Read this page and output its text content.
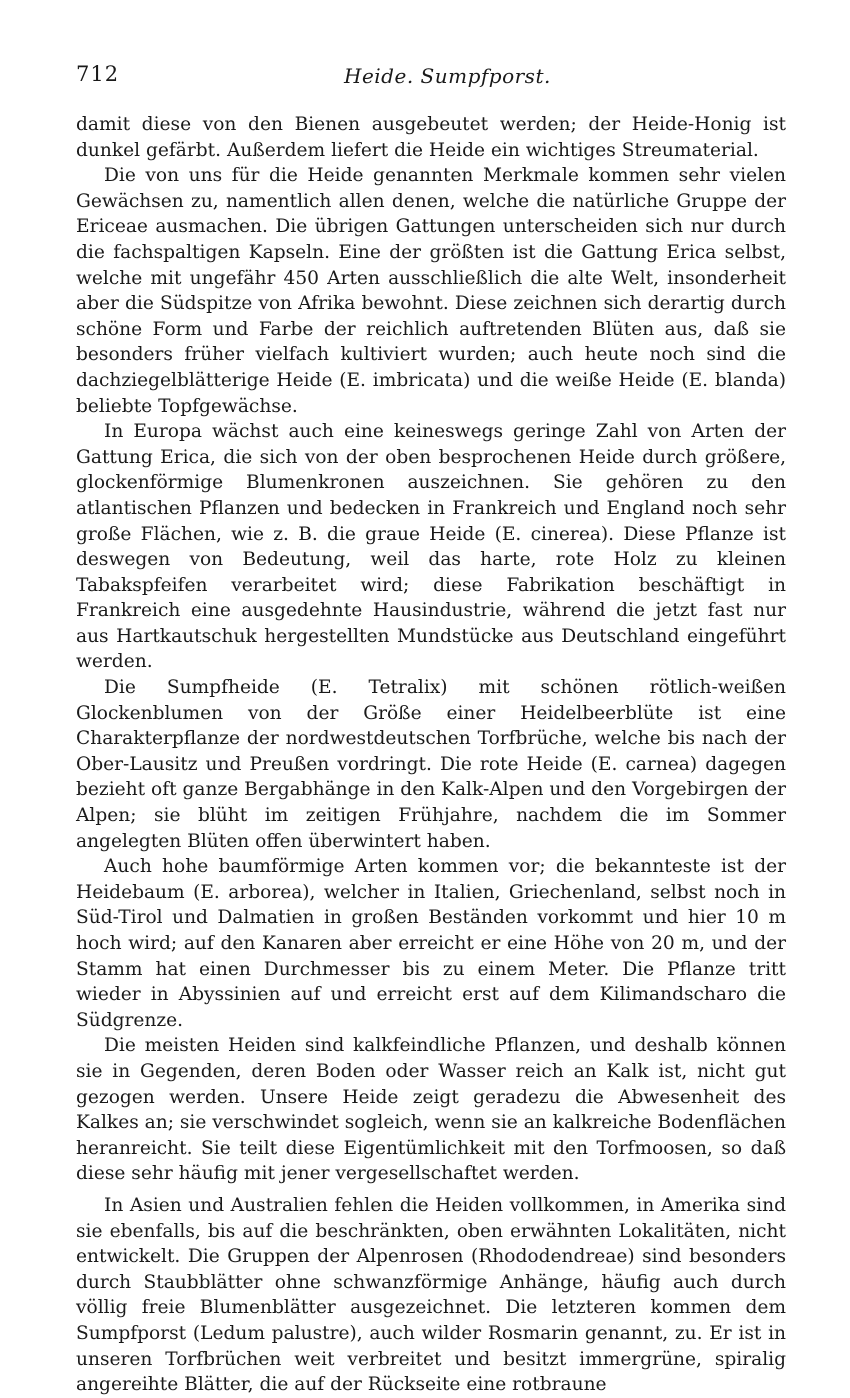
712	Heide. Sumpfporst.

damit diese von den Bienen ausgebeutet werden; der Heide-Honig ist dunkel gefärbt. Außerdem liefert die Heide ein wichtiges Streumaterial.

Die von uns für die Heide genannten Merkmale kommen sehr vielen Gewächsen zu, namentlich allen denen, welche die natürliche Gruppe der Ericeae ausmachen. Die übrigen Gattungen unterscheiden sich nur durch die fachspaltigen Kapseln. Eine der größten ist die Gattung Erica selbst, welche mit ungefähr 450 Arten ausschließlich die alte Welt, insonderheit aber die Südspitze von Afrika bewohnt. Diese zeichnen sich derartig durch schöne Form und Farbe der reichlich auftretenden Blüten aus, daß sie besonders früher vielfach kultiviert wurden; auch heute noch sind die dachziegelblätterige Heide (E. imbricata) und die weiße Heide (E. blanda) beliebte Topfgewächse.

In Europa wächst auch eine keineswegs geringe Zahl von Arten der Gattung Erica, die sich von der oben besprochenen Heide durch größere, glockenförmige Blumenkronen auszeichnen. Sie gehören zu den atlantischen Pflanzen und bedecken in Frankreich und England noch sehr große Flächen, wie z. B. die graue Heide (E. cinerea). Diese Pflanze ist deswegen von Bedeutung, weil das harte, rote Holz zu kleinen Tabakspfeifen verarbeitet wird; diese Fabrikation beschäftigt in Frankreich eine ausgedehnte Hausindustrie, während die jetzt fast nur aus Hartkautschuk hergestellten Mundstücke aus Deutschland eingeführt werden.

Die Sumpfheide (E. Tetralix) mit schönen rötlich-weißen Glockenblumen von der Größe einer Heidelbeerblüte ist eine Charakterpflanze der nordwestdeutschen Torfbrüche, welche bis nach der Ober-Lausitz und Preußen vordringt. Die rote Heide (E. carnea) dagegen bezieht oft ganze Bergabhänge in den Kalk-Alpen und den Vorgebirgen der Alpen; sie blüht im zeitigen Frühjahre, nachdem die im Sommer angelegten Blüten offen überwintert haben.

Auch hohe baumförmige Arten kommen vor; die bekannteste ist der Heidebaum (E. arborea), welcher in Italien, Griechenland, selbst noch in Süd-Tirol und Dalmatien in großen Beständen vorkommt und hier 10 m hoch wird; auf den Kanaren aber erreicht er eine Höhe von 20 m, und der Stamm hat einen Durchmesser bis zu einem Meter. Die Pflanze tritt wieder in Abyssinien auf und erreicht erst auf dem Kilimandscharo die Südgrenze.

Die meisten Heiden sind kalkfeindliche Pflanzen, und deshalb können sie in Gegenden, deren Boden oder Wasser reich an Kalk ist, nicht gut gezogen werden. Unsere Heide zeigt geradezu die Abwesenheit des Kalkes an; sie verschwindet sogleich, wenn sie an kalkreiche Bodenflächen heranreicht. Sie teilt diese Eigentümlichkeit mit den Torfmoosen, so daß diese sehr häufig mit jener vergesellschaftet werden.

In Asien und Australien fehlen die Heiden vollkommen, in Amerika sind sie ebenfalls, bis auf die beschränkten, oben erwähnten Lokalitäten, nicht entwickelt. Die Gruppen der Alpenrosen (Rhododendreae) sind besonders durch Staubblätter ohne schwanzförmige Anhänge, häufig auch durch völlig freie Blumenblätter ausgezeichnet. Die letzteren kommen dem Sumpfporst (Ledum palustre), auch wilder Rosmarin genannt, zu. Er ist in unseren Torfbrüchen weit verbreitet und besitzt immergrüne, spiralig angereihte Blätter, die auf der Rückseite eine rotbraune
